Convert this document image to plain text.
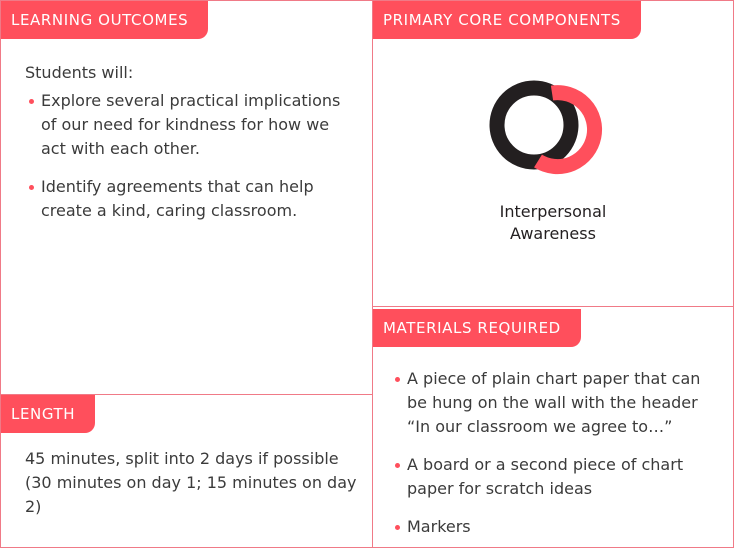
LEARNING OUTCOMES
Students will:
Explore several practical implications of our need for kindness for how we act with each other.
Identify agreements that can help create a kind, caring classroom.
LENGTH
45 minutes, split into 2 days if possible (30 minutes on day 1; 15 minutes on day 2)
PRIMARY CORE COMPONENTS
Interpersonal
Awareness
MATERIALS REQUIRED
A piece of plain chart paper that can be hung on the wall with the header “In our classroom we agree to…”
A board or a second piece of chart paper for scratch ideas
Markers
